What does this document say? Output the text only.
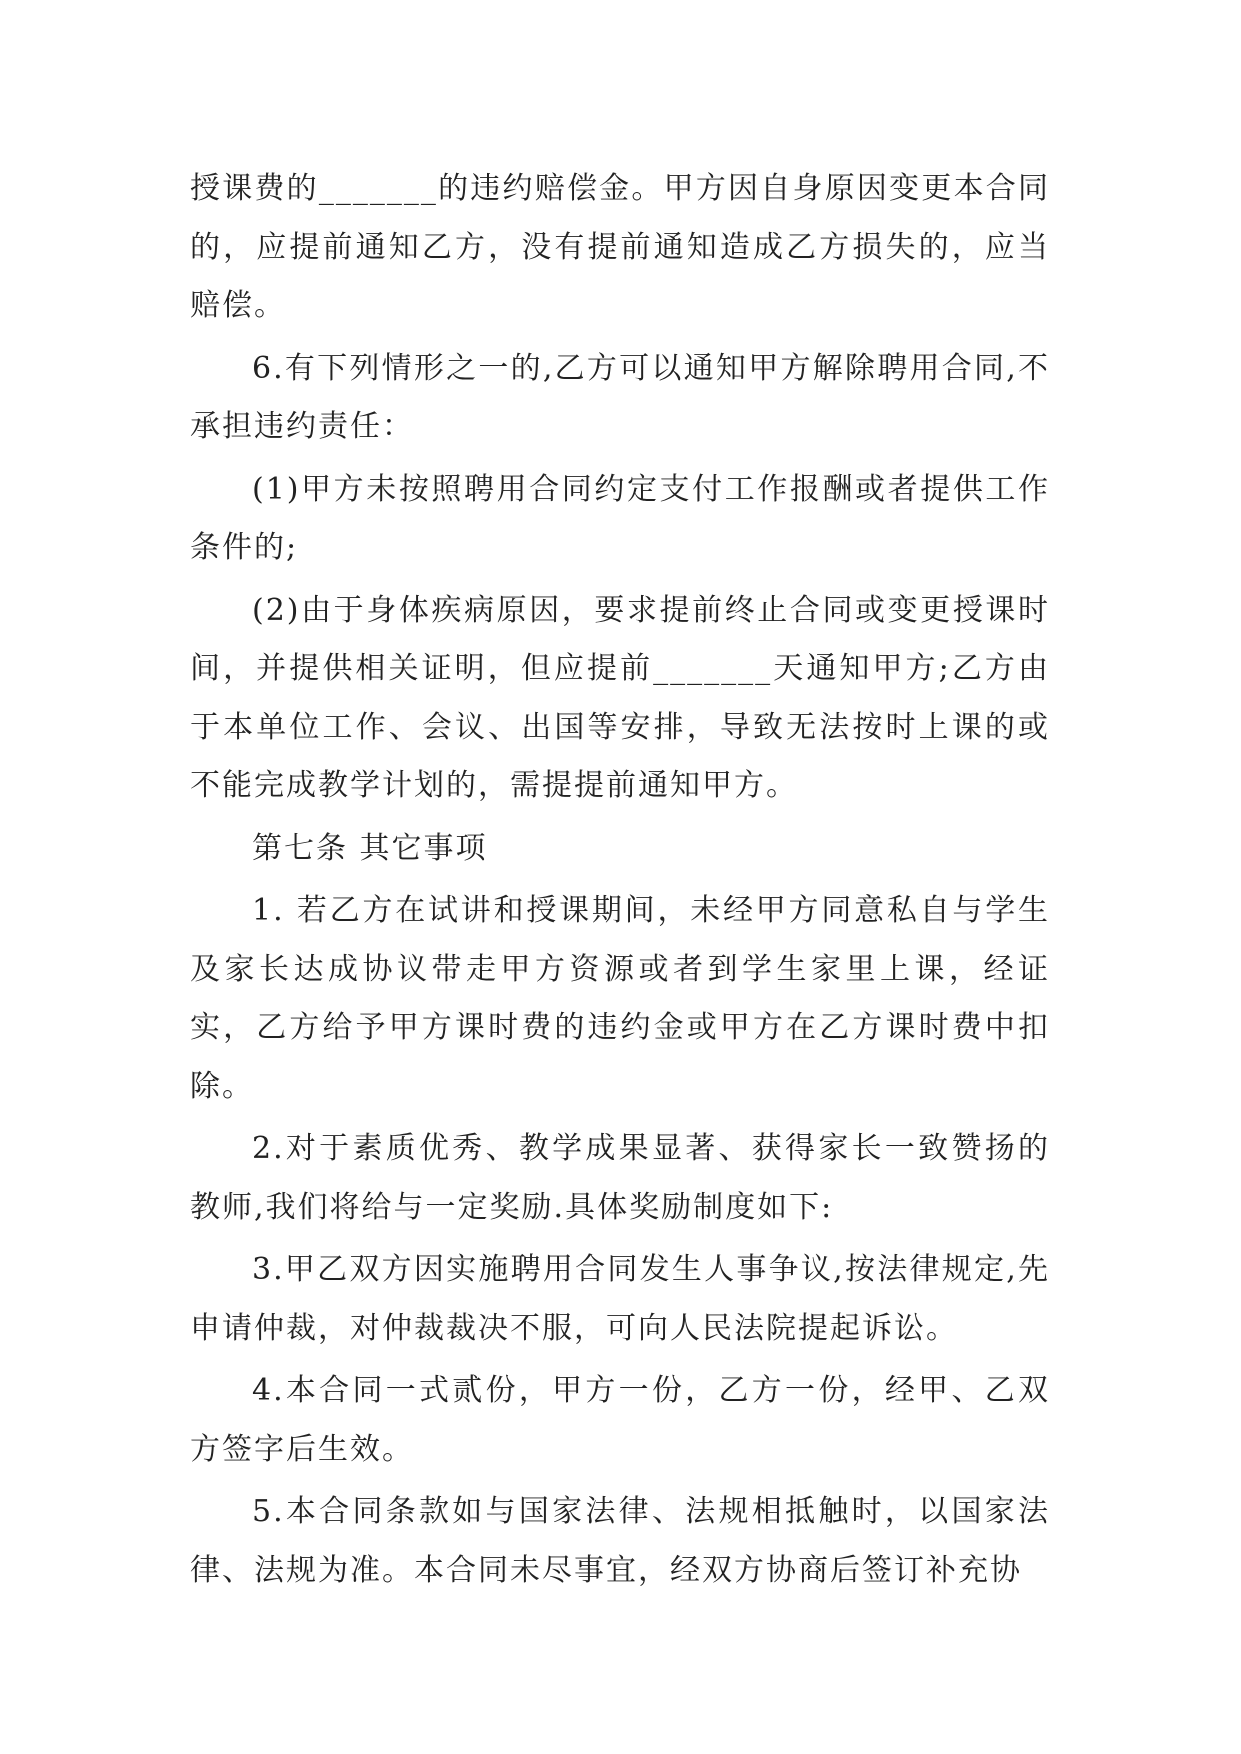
授课费的_______的违约赔偿金。甲方因自身原因变更本合同的，应提前通知乙方，没有提前通知造成乙方损失的，应当赔偿。

6.有下列情形之一的,乙方可以通知甲方解除聘用合同,不承担违约责任：

(1)甲方未按照聘用合同约定支付工作报酬或者提供工作条件的;

(2)由于身体疾病原因，要求提前终止合同或变更授课时间，并提供相关证明，但应提前_______天通知甲方;乙方由于本单位工作、会议、出国等安排，导致无法按时上课的或不能完成教学计划的，需提提前通知甲方。

第七条 其它事项

1. 若乙方在试讲和授课期间，未经甲方同意私自与学生及家长达成协议带走甲方资源或者到学生家里上课，经证实，乙方给予甲方课时费的违约金或甲方在乙方课时费中扣除。

2.对于素质优秀、教学成果显著、获得家长一致赞扬的教师,我们将给与一定奖励.具体奖励制度如下:

3.甲乙双方因实施聘用合同发生人事争议,按法律规定,先申请仲裁，对仲裁裁决不服，可向人民法院提起诉讼。

4.本合同一式贰份，甲方一份，乙方一份，经甲、乙双方签字后生效。

5.本合同条款如与国家法律、法规相抵触时，以国家法律、法规为准。本合同未尽事宜，经双方协商后签订补充协
